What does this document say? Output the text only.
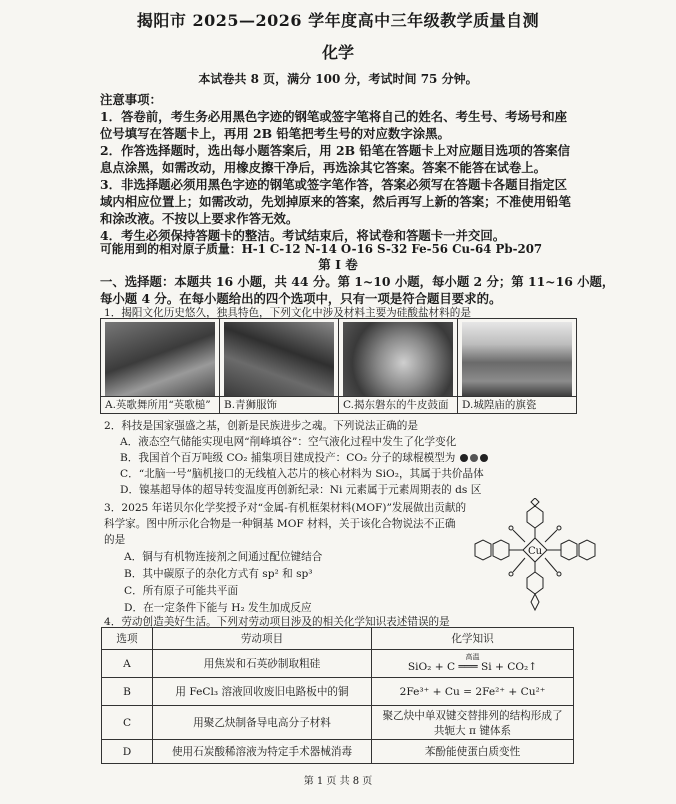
揭阳市 2025—2026 学年度高中三年级教学质量自测
化学
本试卷共 8 页，满分 100 分，考试时间 75 分钟。
注意事项：
1．答卷前，考生务必用黑色字迹的钢笔或签字笔将自己的姓名、考生号、考场号和座
位号填写在答题卡上，再用 2B 铅笔把考生号的对应数字涂黑。
2．作答选择题时，选出每小题答案后，用 2B 铅笔在答题卡上对应题目选项的答案信
息点涂黑，如需改动，用橡皮擦干净后，再选涂其它答案。答案不能答在试卷上。
3．非选择题必须用黑色字迹的钢笔或签字笔作答，答案必须写在答题卡各题目指定区
域内相应位置上；如需改动，先划掉原来的答案，然后再写上新的答案；不准使用铅笔
和涂改液。不按以上要求作答无效。
4．考生必须保持答题卡的整洁。考试结束后，将试卷和答题卡一并交回。
可能用到的相对原子质量：H-1 C-12 N-14 O-16 S-32 Fe-56 Cu-64 Pb-207
第 I 卷
一、选择题：本题共 16 小题，共 44 分。第 1~10 小题，每小题 2 分；第 11~16 小题，
每小题 4 分。在每小题给出的四个选项中，只有一项是符合题目要求的。
1．揭阳文化历史悠久，独具特色，下列文化中涉及材料主要为硅酸盐材料的是
A.英歌舞所用“英歌槌”	B.青狮服饰	C.揭东磐东的牛皮鼓面	D.城隍庙的旗瓷
2．科技是国家强盛之基，创新是民族进步之魂。下列说法正确的是
A．液态空气储能实现电网“削峰填谷”：空气液化过程中发生了化学变化
B．我国首个百万吨级 CO₂ 捕集项目建成投产：CO₂ 分子的球棍模型为
C．“北脑一号”脑机接口的无线植入芯片的核心材料为 SiO₂，其属于共价晶体
D．镍基超导体的超导转变温度再创新纪录：Ni 元素属于元素周期表的 ds 区
3．2025 年诺贝尔化学奖授予对“金属-有机框架材料(MOF)”发展做出贡献的
科学家。图中所示化合物是一种铜基 MOF 材料，关于该化合物说法不正确
的是
A．铜与有机物连接剂之间通过配位键结合
B．其中碳原子的杂化方式有 sp² 和 sp³
C．所有原子可能共平面
D．在一定条件下能与 H₂ 发生加成反应
Cu
4．劳动创造美好生活。下列对劳动项目涉及的相关化学知识表述错误的是
选项	劳动项目	化学知识
A	用焦炭和石英砂制取粗硅	高温
SiO₂ + C ═══ Si + CO₂↑

B	用 FeCl₃ 溶液回收废旧电路板中的铜	2Fe³⁺ + Cu = 2Fe²⁺ + Cu²⁺
C	用聚乙炔制备导电高分子材料	聚乙炔中单双键交替排列的结构形成了
共轭大 π 键体系

D	使用石炭酸稀溶液为特定手术器械消毒	苯酚能使蛋白质变性
第 1 页 共 8 页
